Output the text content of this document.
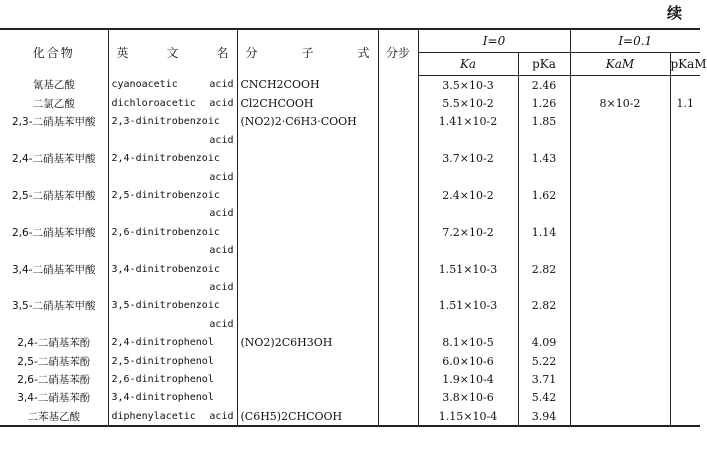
续
化合物	英 文 名	分 子 式	分步	I=0		I=0.1	
				Ka	pKa	KaM	pKaM
氰基乙酸	cyanoacetic acid	CNCH2COOH		3.5×10-3	2.46		
二氯乙酸	dichloroacetic acid	Cl2CHCOOH		5.5×10-2	1.26	8×10-2	1.1
2,3-二硝基苯甲酸	2,3-dinitrobenzoic	(NO2)2·C6H3·COOH		1.41×10-2	1.85		
	acid						
2,4-二硝基苯甲酸	2,4-dinitrobenzoic			3.7×10-2	1.43		
	acid						
2,5-二硝基苯甲酸	2,5-dinitrobenzoic			2.4×10-2	1.62		
	acid						
2,6-二硝基苯甲酸	2,6-dinitrobenzoic			7.2×10-2	1.14		
	acid						
3,4-二硝基苯甲酸	3,4-dinitrobenzoic			1.51×10-3	2.82		
	acid						
3,5-二硝基苯甲酸	3,5-dinitrobenzoic			1.51×10-3	2.82		
	acid						
2,4-二硝基苯酚	2,4-dinitrophenol	(NO2)2C6H3OH		8.1×10-5	4.09		
2,5-二硝基苯酚	2,5-dinitrophenol			6.0×10-6	5.22		
2,6-二硝基苯酚	2,6-dinitrophenol			1.9×10-4	3.71		
3,4-二硝基苯酚	3,4-dinitrophenol			3.8×10-6	5.42		
二苯基乙酸	diphenylacetic acid	(C6H5)2CHCOOH		1.15×10-4	3.94		
